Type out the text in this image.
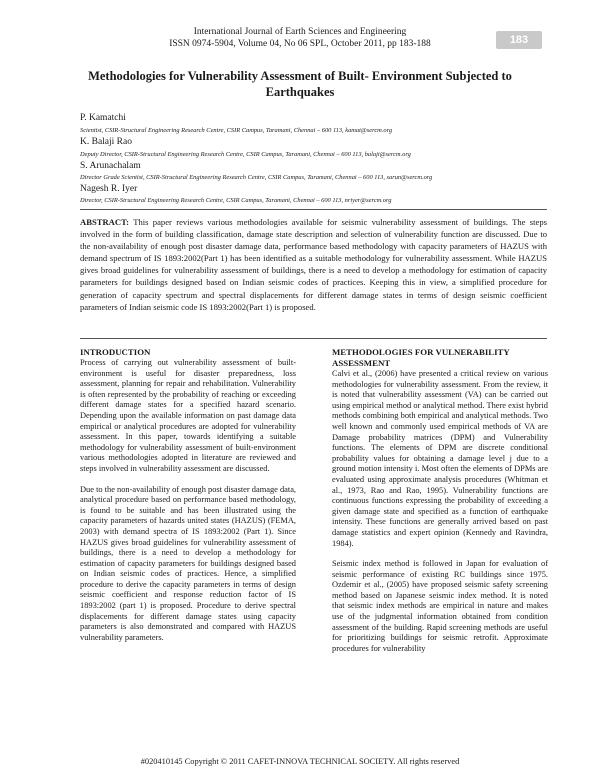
International Journal of Earth Sciences and Engineering
ISSN 0974-5904, Volume 04, No 06 SPL, October 2011, pp 183-188	183
Methodologies for Vulnerability Assessment of Built- Environment Subjected to Earthquakes
P. Kamatchi
Scientist, CSIR-Structural Engineering Research Centre, CSIR Campus, Taramani, Chennai – 600 113, kamat@sercm.org
K. Balaji Rao
Deputy Director, CSIR-Structural Engineering Research Centre, CSIR Campus, Taramani, Chennai – 600 113, balaji@sercm.org
S. Arunachalam
Director Grade Scientist, CSIR-Structural Engineering Research Centre, CSIR Campus, Taramani, Chennai – 600 113, sarun@sercm.org
Nagesh R. Iyer
Director, CSIR-Structural Engineering Research Centre, CSIR Campus, Taramani, Chennai – 600 113, nriyer@sercm.org
ABSTRACT: This paper reviews various methodologies available for seismic vulnerability assessment of buildings. The steps involved in the form of building classification, damage state description and selection of vulnerability function are discussed. Due to the non-availability of enough post disaster damage data, performance based methodology with capacity parameters of HAZUS with demand spectrum of IS 1893:2002(Part 1) has been identified as a suitable methodology for vulnerability assessment. While HAZUS gives broad guidelines for vulnerability assessment of buildings, there is a need to develop a methodology for estimation of capacity parameters for buildings designed based on Indian seismic codes of practices. Keeping this in view, a simplified procedure for generation of capacity spectrum and spectral displacements for different damage states in terms of design seismic coefficient parameters of Indian seismic code IS 1893:2002(Part 1) is proposed.
INTRODUCTION

Process of carrying out vulnerability assessment of built-environment is useful for disaster preparedness, loss assessment, planning for repair and rehabilitation. Vulnerability is often represented by the probability of reaching or exceeding different damage states for a specified hazard scenario. Depending upon the available information on past damage data empirical or analytical procedures are adopted for vulnerability assessment. In this paper, towards identifying a suitable methodology for vulnerability assessment of built-environment various methodologies adopted in literature are reviewed and steps involved in vulnerability assessment are discussed.

Due to the non-availability of enough post disaster damage data, analytical procedure based on performance based methodology, is found to be suitable and has been illustrated using the capacity parameters of hazards united states (HAZUS) (FEMA, 2003) with demand spectra of IS 1893:2002 (Part 1). Since HAZUS gives broad guidelines for vulnerability assessment of buildings, there is a need to develop a methodology for estimation of capacity parameters for buildings designed based on Indian seismic codes of practices. Hence, a simplified procedure to derive the capacity parameters in terms of design seismic coefficient and response reduction factor of IS 1893:2002 (part 1) is proposed. Procedure to derive spectral displacements for different damage states using capacity parameters is also demonstrated and compared with HAZUS vulnerability parameters.

METHODOLOGIES FOR VULNERABILITY ASSESSMENT

Calvi et al., (2006) have presented a critical review on various methodologies for vulnerability assessment. From the review, it is noted that vulnerability assessment (VA) can be carried out using empirical method or analytical method. There exist hybrid methods combining both empirical and analytical methods. Two well known and commonly used empirical methods of VA are Damage probability matrices (DPM) and Vulnerability functions. The elements of DPM are discrete conditional probability values for obtaining a damage level j due to a ground motion intensity i. Most often the elements of DPMs are evaluated using approximate analysis procedures (Whitman et al., 1973, Rao and Rao, 1995). Vulnerability functions are continuous functions expressing the probability of exceeding a given damage state and specified as a function of earthquake intensity. These functions are generally arrived based on past damage statistics and expert opinion (Kennedy and Ravindra, 1984).

Seismic index method is followed in Japan for evaluation of seismic performance of existing RC buildings since 1975. Ozdemir et al., (2005) have proposed seismic safety screening method based on Japanese seismic index method. It is noted that seismic index methods are empirical in nature and makes use of the judgmental information obtained from condition assessment of the building. Rapid screening methods are useful for prioritizing buildings for seismic retrofit. Approximate procedures for vulnerability

#020410145 Copyright © 2011 CAFET-INNOVA TECHNICAL SOCIETY. All rights reserved
